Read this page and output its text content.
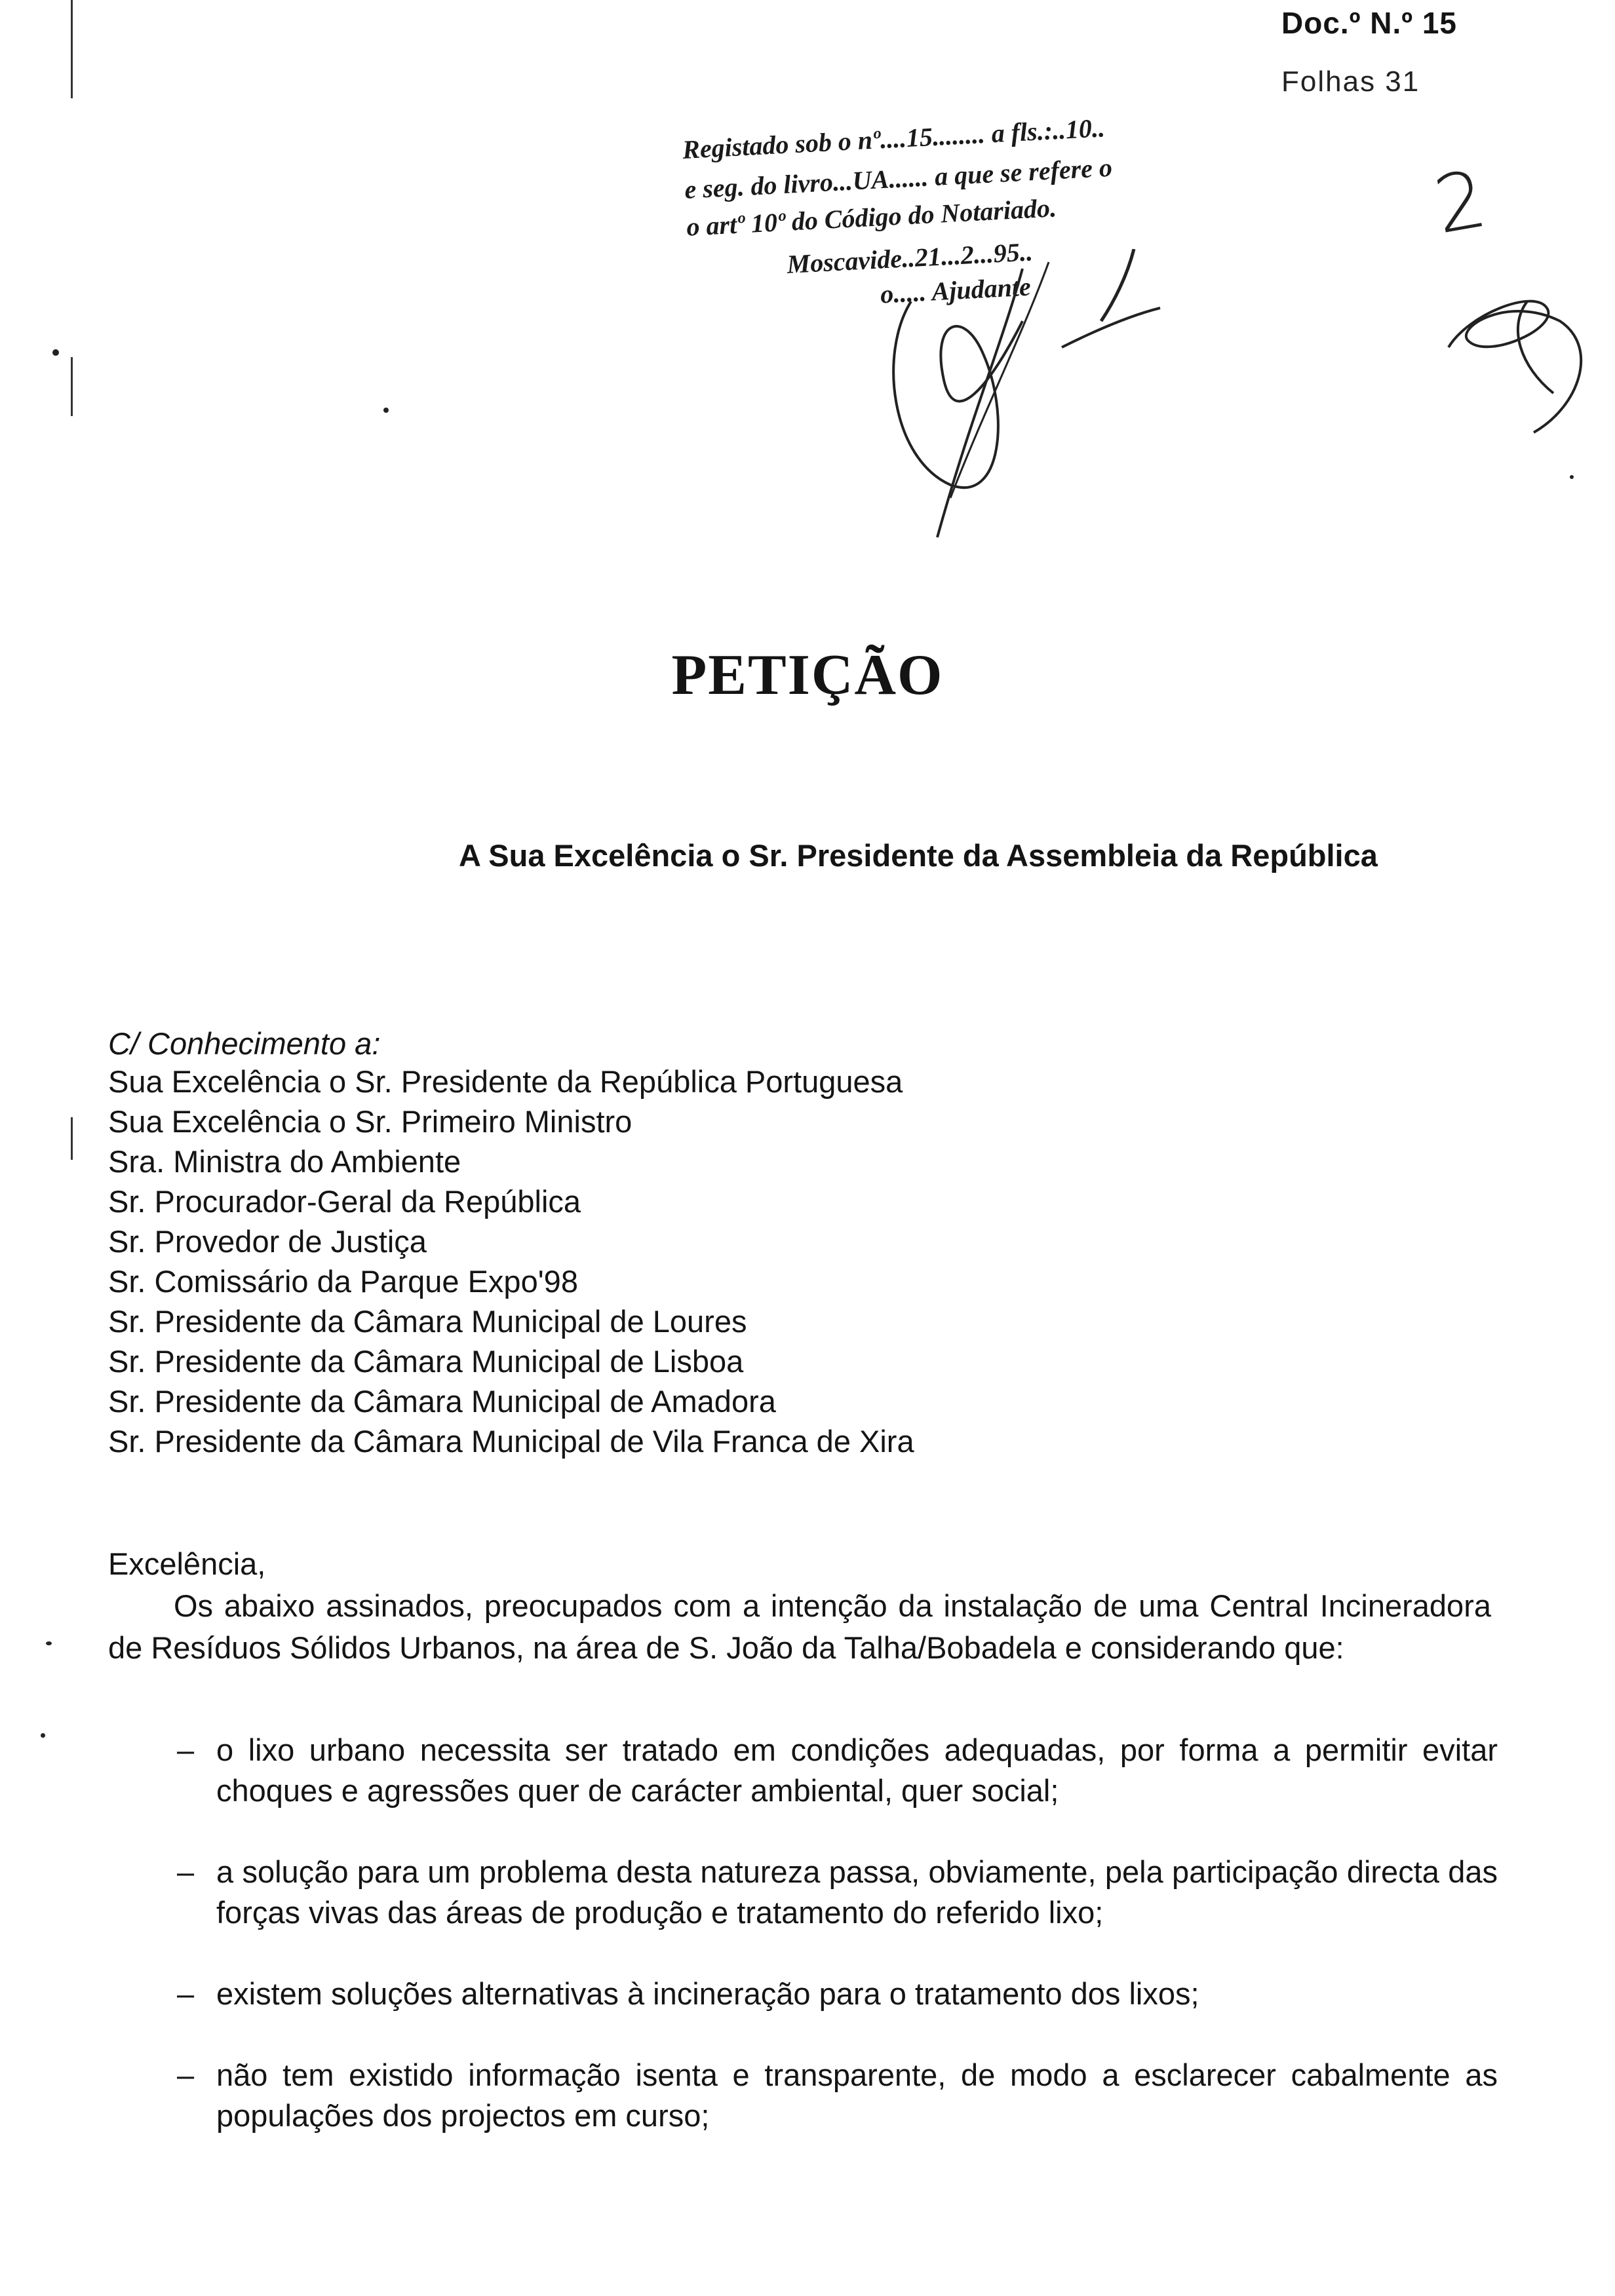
Doc.º N.º 15
Folhas 31
2
Registado sob o nº....15........ a fls.:..10..
e seg. do livro...UA...... a que se refere o
o artº 10º do Código do Notariado.
Moscavide..21...2...95..
o..... Ajudante
PETIÇÃO
A Sua Excelência o Sr. Presidente da Assembleia da República
C/ Conhecimento a:
Sua Excelência o Sr. Presidente da República Portuguesa
Sua Excelência o Sr. Primeiro Ministro
Sra. Ministra do Ambiente
Sr. Procurador-Geral da República
Sr. Provedor de Justiça
Sr. Comissário da Parque Expo'98
Sr. Presidente da Câmara Municipal de Loures
Sr. Presidente da Câmara Municipal de Lisboa
Sr. Presidente da Câmara Municipal de Amadora
Sr. Presidente da Câmara Municipal de Vila Franca de Xira

Excelência,

Os abaixo assinados, preocupados com a intenção da instalação de uma Central Incineradora de Resíduos Sólidos Urbanos, na área de S. João da Talha/Bobadela e considerando que:

– o lixo urbano necessita ser tratado em condições adequadas, por forma a permitir evitar choques e agressões quer de carácter ambiental, quer social;
– a solução para um problema desta natureza passa, obviamente, pela participação directa das forças vivas das áreas de produção e tratamento do referido lixo;
– existem soluções alternativas à incineração para o tratamento dos lixos;
– não tem existido informação isenta e transparente, de modo a esclarecer cabalmente as populações dos projectos em curso;
